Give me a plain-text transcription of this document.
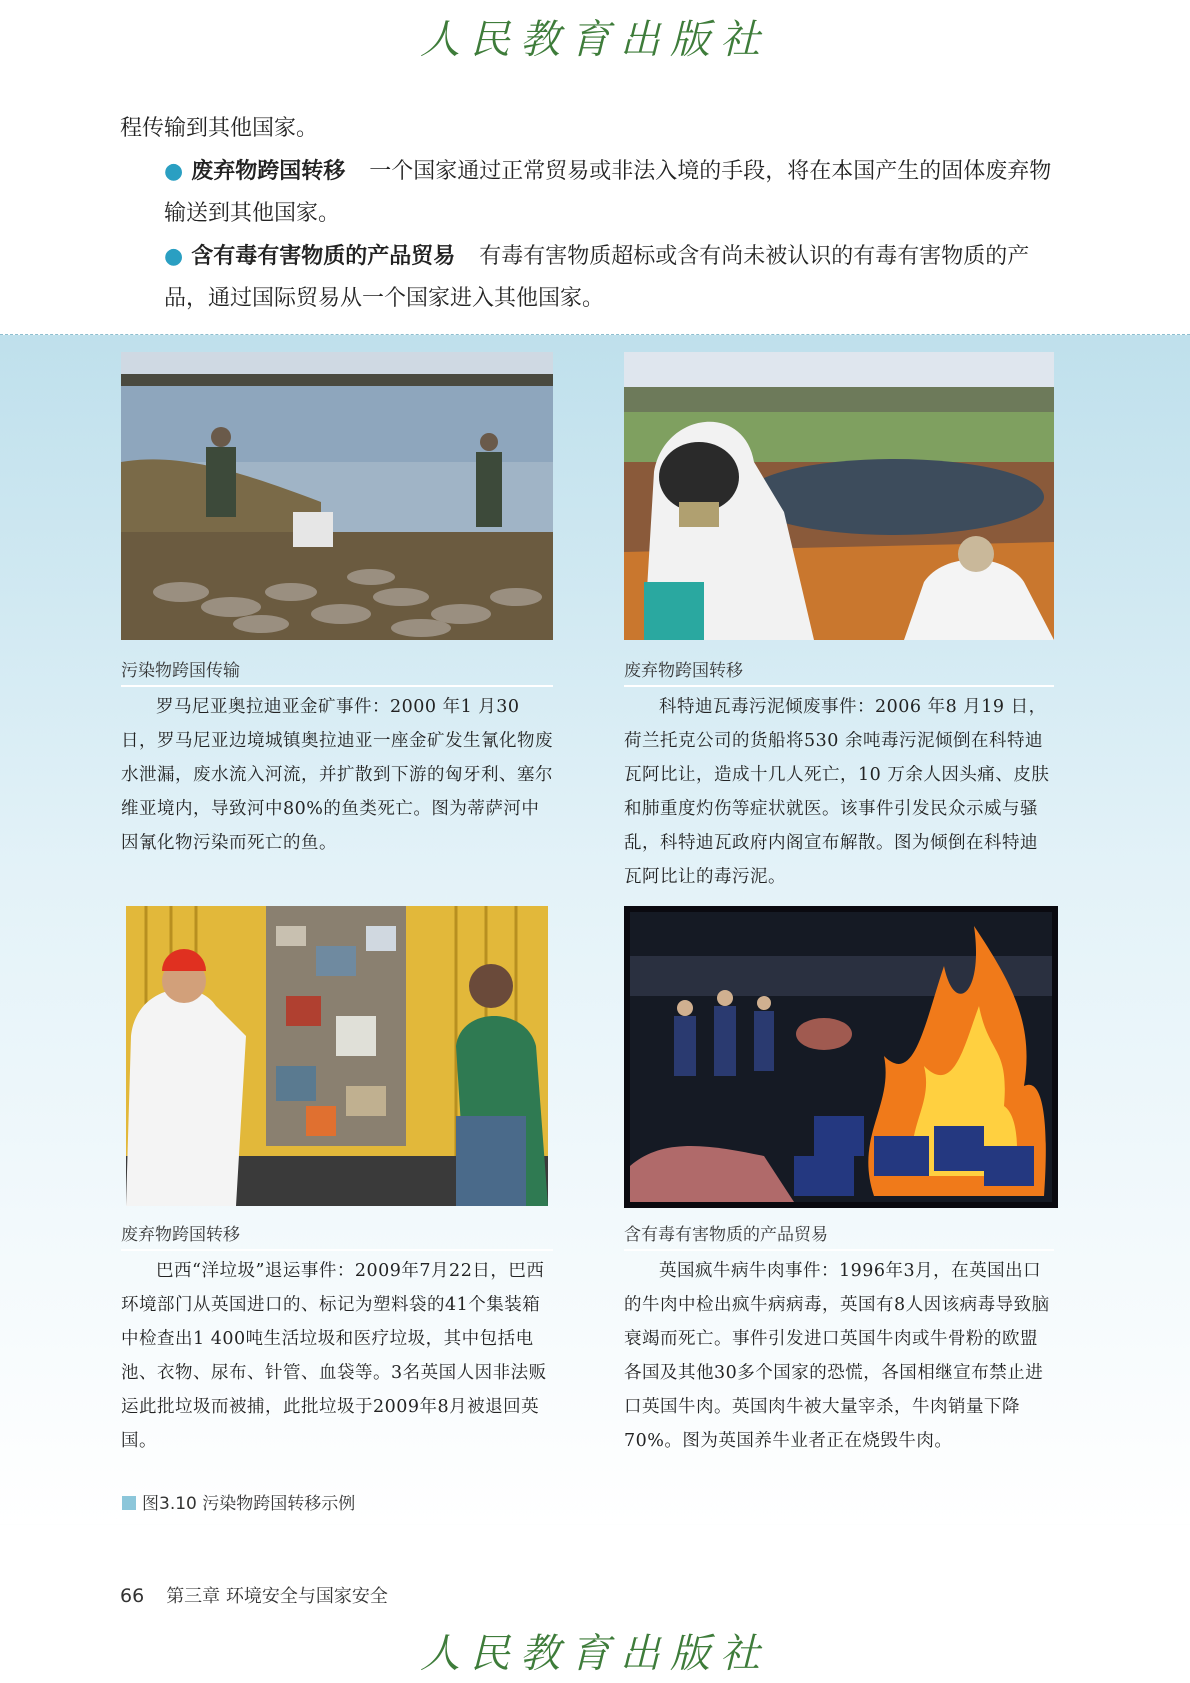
人民教育出版社

程传输到其他国家。

● 废弃物跨国转移 一个国家通过正常贸易或非法入境的手段，将在本国产生的固体废弃物输送到其他国家。

● 含有毒有害物质的产品贸易 有毒有害物质超标或含有尚未被认识的有毒有害物质的产品，通过国际贸易从一个国家进入其他国家。

污染物跨国传输
罗马尼亚奥拉迪亚金矿事件：2000 年1 月30 日，罗马尼亚边境城镇奥拉迪亚一座金矿发生氰化物废水泄漏，废水流入河流，并扩散到下游的匈牙利、塞尔维亚境内，导致河中80%的鱼类死亡。图为蒂萨河中因氰化物污染而死亡的鱼。
废弃物跨国转移
科特迪瓦毒污泥倾废事件：2006 年8 月19 日，荷兰托克公司的货船将530 余吨毒污泥倾倒在科特迪瓦阿比让，造成十几人死亡，10 万余人因头痛、皮肤和肺重度灼伤等症状就医。该事件引发民众示威与骚乱，科特迪瓦政府内阁宣布解散。图为倾倒在科特迪瓦阿比让的毒污泥。
废弃物跨国转移
巴西“洋垃圾”退运事件：2009年7月22日，巴西环境部门从英国进口的、标记为塑料袋的41个集装箱中检查出1 400吨生活垃圾和医疗垃圾，其中包括电池、衣物、尿布、针管、血袋等。3名英国人因非法贩运此批垃圾而被捕，此批垃圾于2009年8月被退回英国。
含有毒有害物质的产品贸易
英国疯牛病牛肉事件：1996年3月，在英国出口的牛肉中检出疯牛病病毒，英国有8人因该病毒导致脑衰竭而死亡。事件引发进口英国牛肉或牛骨粉的欧盟各国及其他30多个国家的恐慌，各国相继宣布禁止进口英国牛肉。英国肉牛被大量宰杀，牛肉销量下降70%。图为英国养牛业者正在烧毁牛肉。
图3.10 污染物跨国转移示例
66 第三章 环境安全与国家安全
人民教育出版社
